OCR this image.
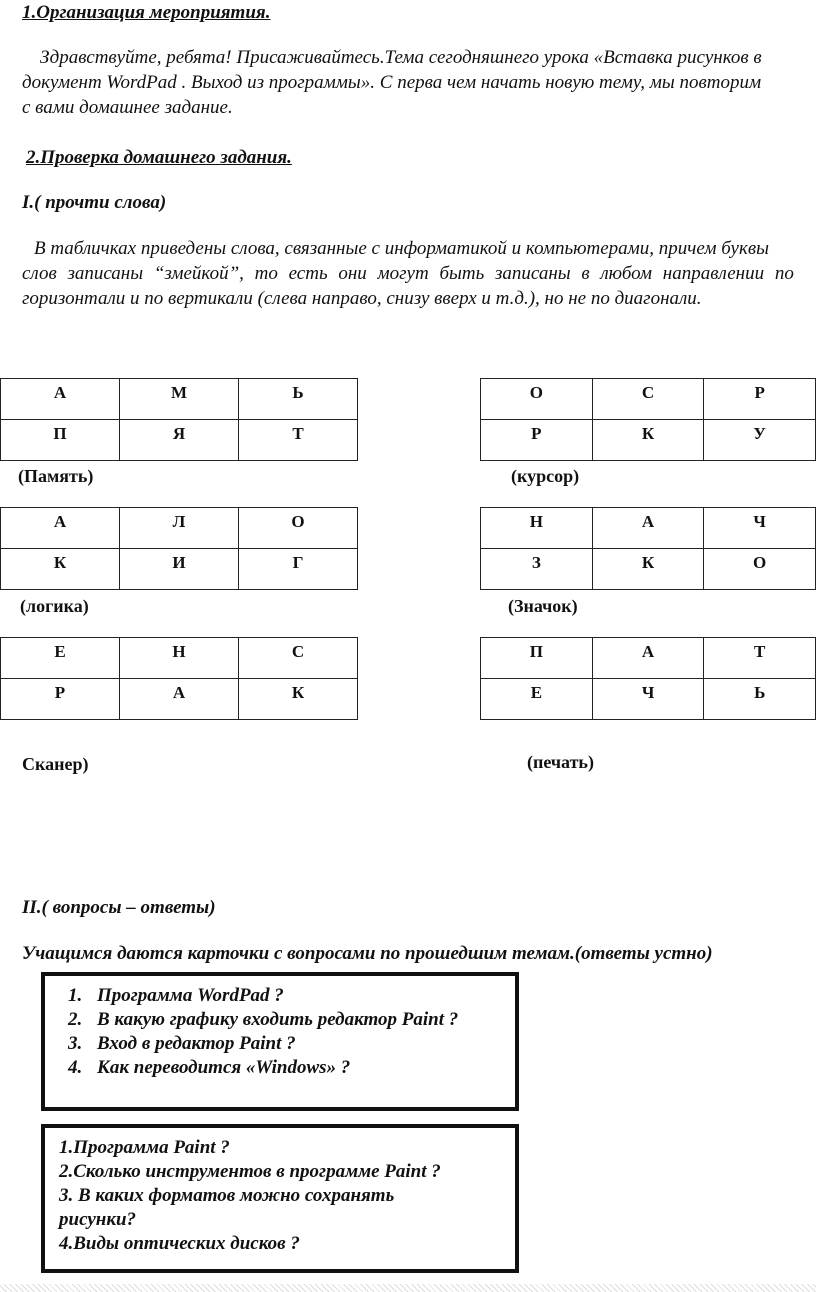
1.Организация мероприятия.
Здравствуйте, ребята! Присаживайтесь.Тема сегодняшнего урока «Вставка рисунков в
документ WordPad . Выход из программы». С перва чем начать новую тему, мы повторим
с вами домашнее задание.
2.Проверка домашнего задания.
I.( прочти слова)
В табличках приведены слова, связанные с информатикой и компьютерами, причем буквы
слов записаны “змейкой”, то есть они могут быть записаны в любом направлении по
горизонтали и по вертикали (слева направо, снизу вверх и т.д.), но не по диагонали.
А	М	Ь
П	Я	Т
О	С	Р
Р	К	У
(Память)	(курсор)
А	Л	О
К	И	Г
Н	А	Ч
З	К	О
(логика)	(Значок)
Е	Н	С
Р	А	К
П	А	Т
Е	Ч	Ь
Сканер)	(печать)
II.( вопросы – ответы)
Учащимся даются карточки с вопросами по прошедшим темам.(ответы устно)
1. Программа WordPad ?
2. В какую графику входить редактор Paint ?
3. Вход в редактор Paint ?
4. Как переводится «Windows» ?
1.Программа Paint ?
2.Сколько инструментов в программе Paint ?
3. В каких форматов можно сохранять
рисунки?
4.Виды оптических дисков ?
